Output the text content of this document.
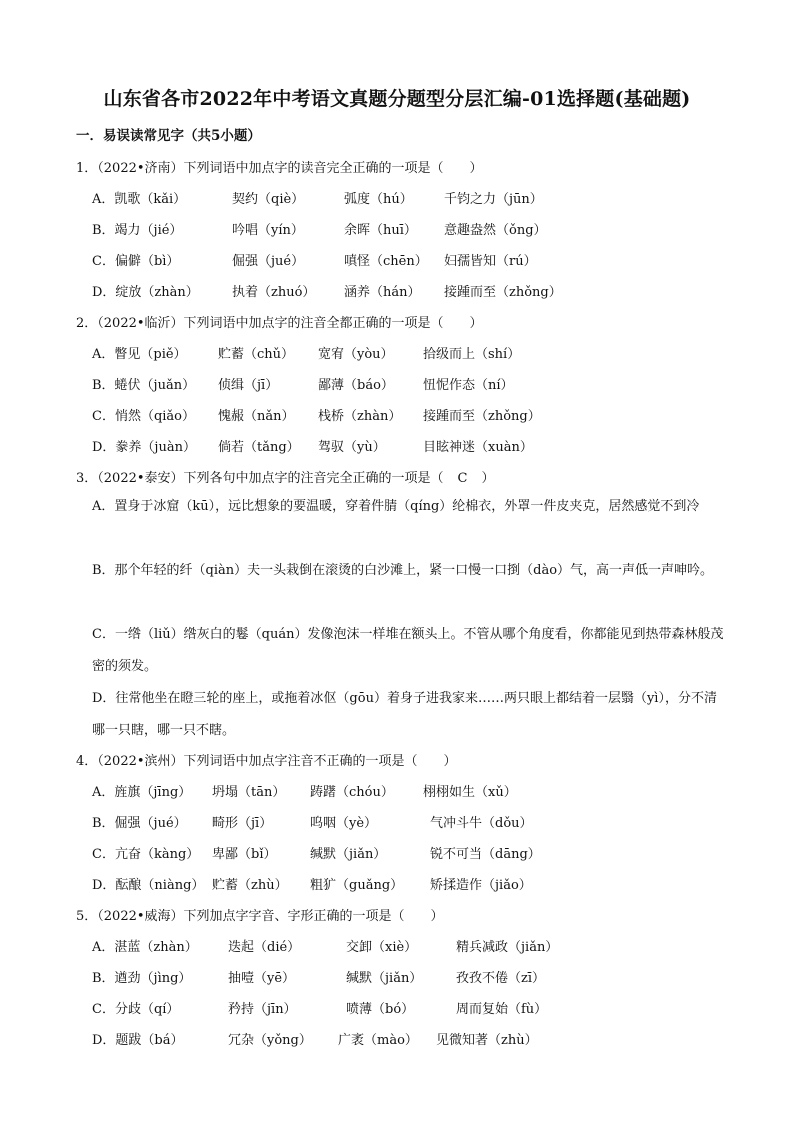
山东省各市2022年中考语文真题分题型分层汇编-01选择题(基础题)
一．易误读常见字（共5小题）
1．（2022•济南）下列词语中加点字的读音完全正确的一项是（　　）
A．凯歌（kǎi）	契约（qiè）	弧度（hú） 千钧之力（jūn）
B．竭力（jié）	吟唱（yín）	余晖（huī） 意趣盎然（ǒng）
C．偏僻（bì）	倔强（jué）	嗔怪（chēn） 妇孺皆知（rú）
D．绽放（zhàn）	执着（zhuó） 涵养（hán） 接踵而至（zhǒng）
2．（2022•临沂）下列词语中加点字的注音全都正确的一项是（　　）
A．瞥见（piě） 贮蓄（chǔ） 宽宥（yòu） 拾级而上（shí）
B．蜷伏（juǎn） 侦缉（jī）	鄙薄（báo） 忸怩作态（ní）
C．悄然（qiǎo） 愧赧（nǎn） 栈桥（zhàn） 接踵而至（zhǒng）
D．豢养（juàn） 倘若（tǎng） 驾驭（yù）	目眩神迷（xuàn）
3．（2022•泰安）下列各句中加点字的注音完全正确的一项是（ C ）
A．置身于冰窟（kū），远比想象的要温暖，穿着件腈（qíng）纶棉衣，外罩一件皮夹克，居然感觉不到冷
B．那个年轻的纤（qiàn）夫一头栽倒在滚烫的白沙滩上，紧一口慢一口捯（dào）气，高一声低一声呻吟。
C．一绺（liǔ）绺灰白的鬈（quán）发像泡沫一样堆在额头上。不管从哪个角度看，你都能见到热带森林般茂密的须发。
D．往常他坐在瞪三轮的座上，或拖着冰伛（gōu）着身子进我家来……两只眼上都结着一层翳（yì），分不清哪一只瞎，哪一只不瞎。
4．（2022•滨州）下列词语中加点字注音不正确的一项是（　　）
A．旌旗（jīng） 坍塌（tān） 踌躇（chóu） 栩栩如生（xǔ）
B．倔强（jué） 畸形（jī）	呜咽（yè）	气冲斗牛（dǒu）
C．亢奋（kàng） 卑鄙（bǐ）	缄默（jiǎn）	锐不可当（dāng）
D．酝酿（niàng） 贮蓄（zhù） 粗犷（guǎng） 矫揉造作（jiǎo）
5．（2022•威海）下列加点字字音、字形正确的一项是（　　）
A．湛蓝（zhàn） 迭起（dié）	交卸（xiè）	精兵减政（jiǎn）
B．遒劲（jìng）	抽噎（yē）	缄默（jiǎn）	孜孜不倦（zī）
C．分歧（qí）	矜持（jīn）	喷薄（bó）	周而复始（fù）
D．题跋（bá）	冗杂（yǒng） 广袤（mào） 见微知著（zhù）
